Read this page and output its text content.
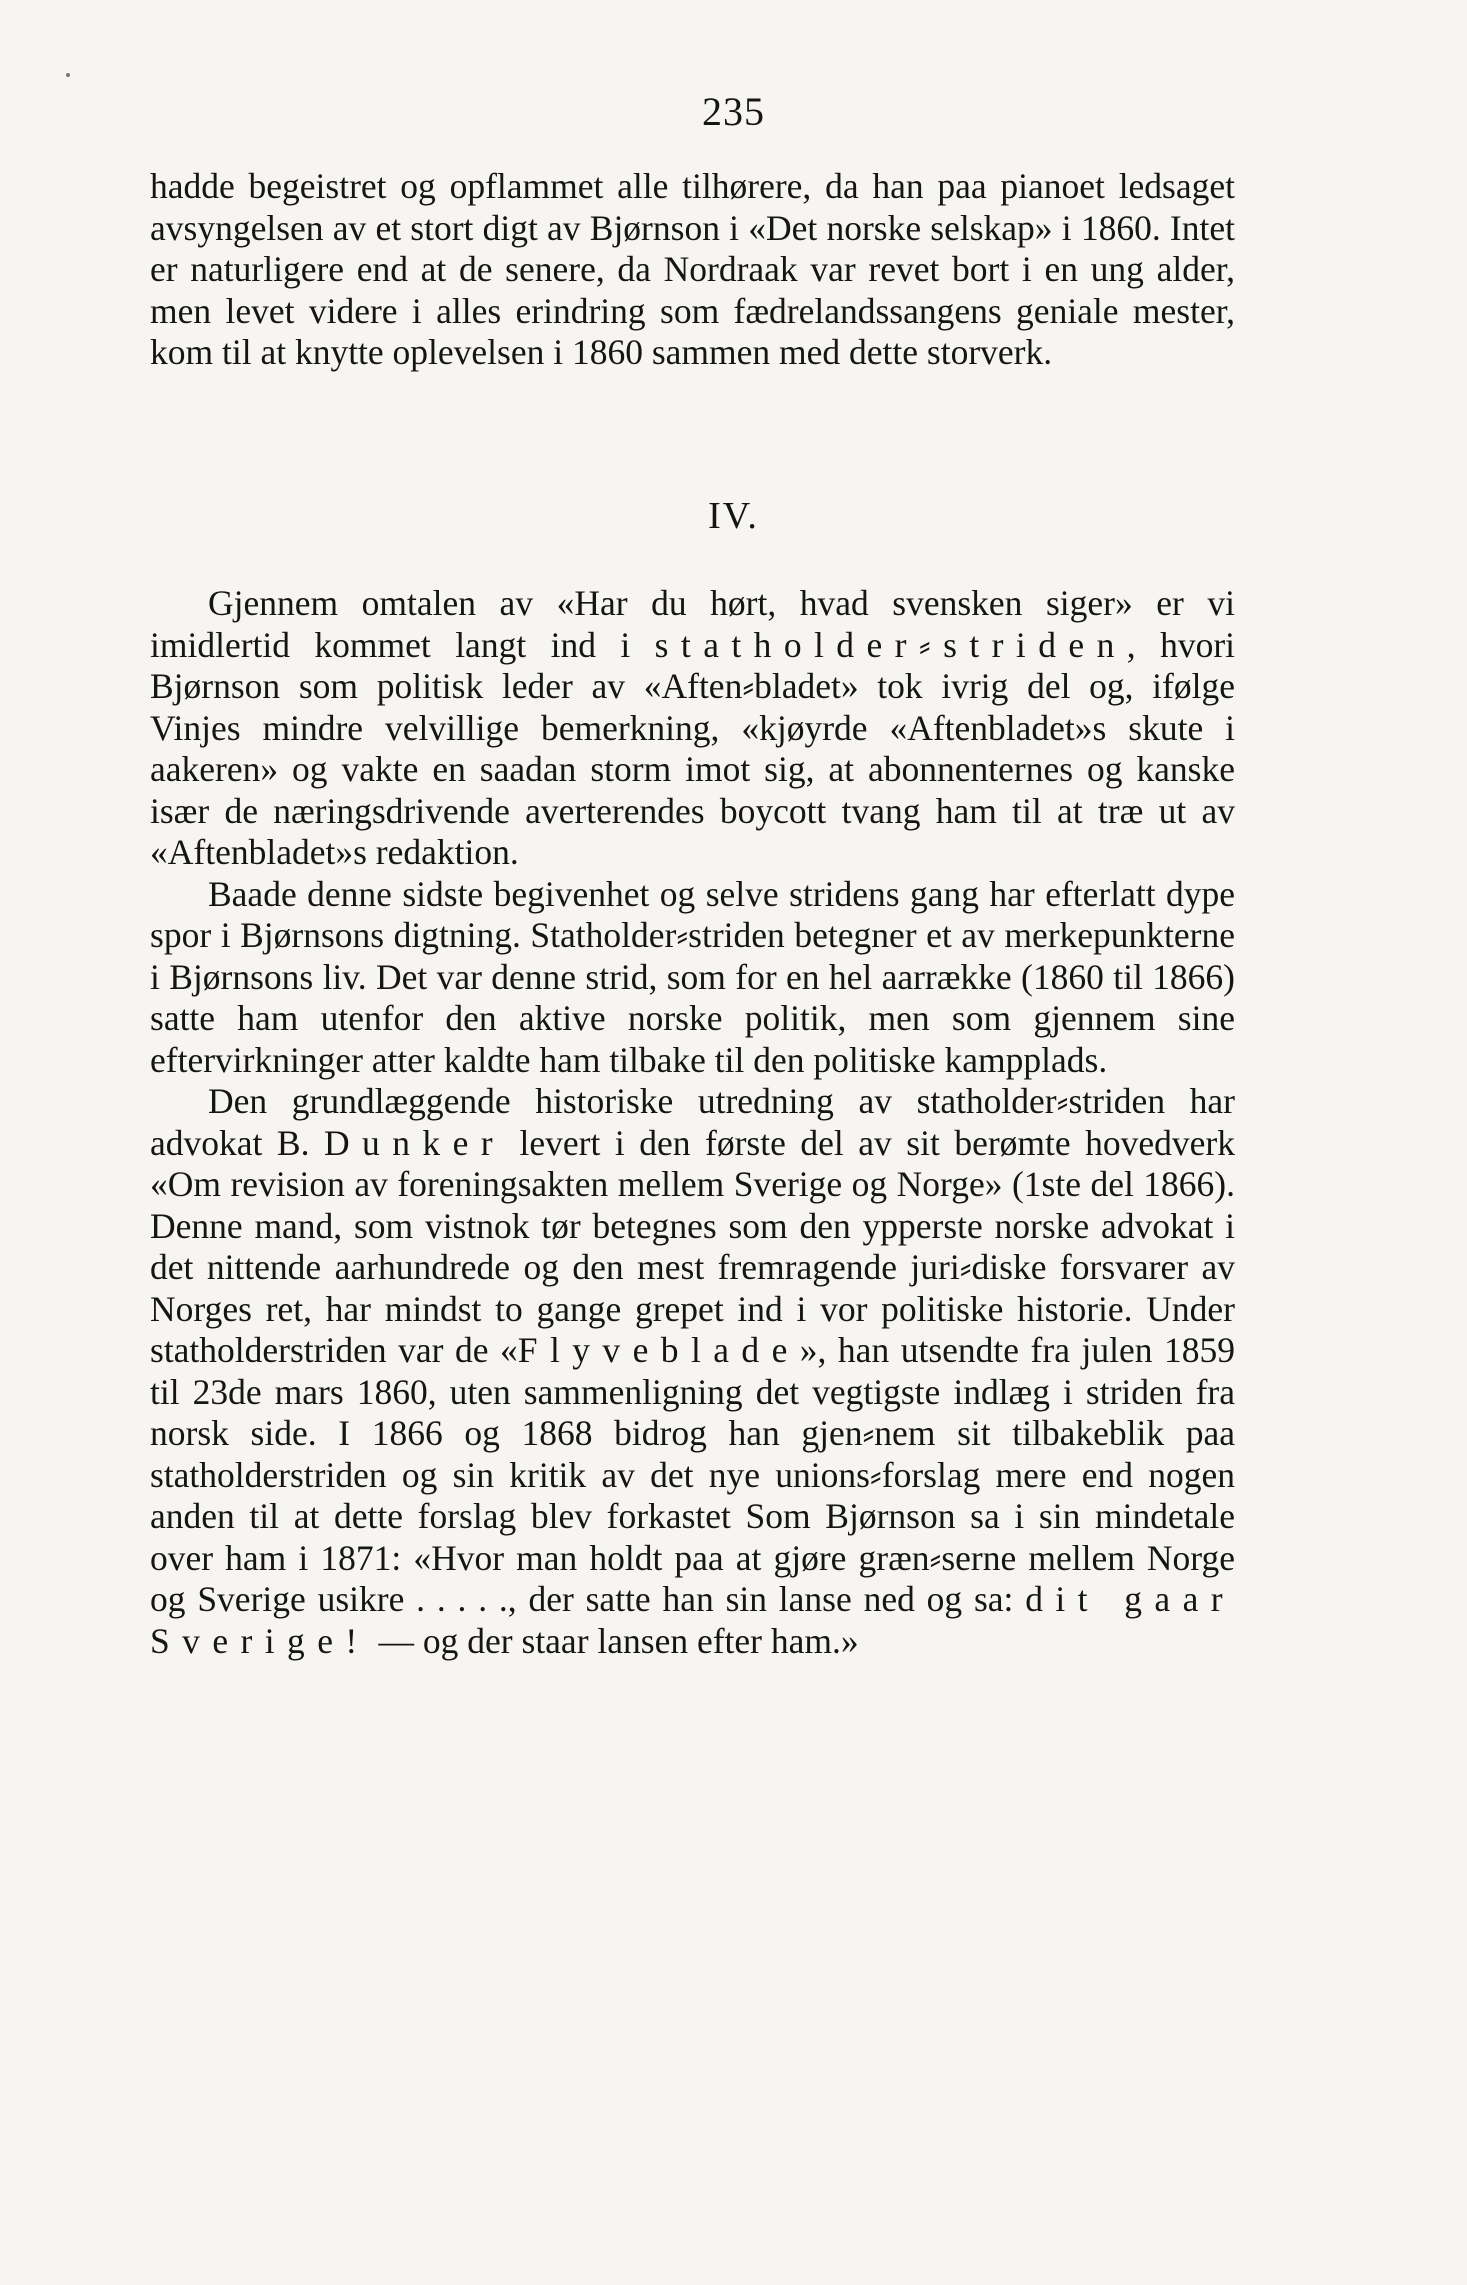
235

hadde begeistret og opflammet alle tilhørere, da han paa pianoet ledsaget avsyngelsen av et stort digt av Bjørnson i «Det norske selskap» i 1860. Intet er naturligere end at de senere, da Nordraak var revet bort i en ung alder, men levet videre i alles erindring som fædrelandssangens geniale mester, kom til at knytte oplevelsen i 1860 sammen med dette storverk.

IV.

Gjennem omtalen av «Har du hørt, hvad svensken siger» er vi imidlertid kommet langt ind i statholder⸗striden, hvori Bjørnson som politisk leder av «Aften⸗bladet» tok ivrig del og, ifølge Vinjes mindre velvillige bemerkning, «kjøyrde «Aftenbladet»s skute i aakeren» og vakte en saadan storm imot sig, at abonnenternes og kanske især de næringsdrivende averterendes boycott tvang ham til at træ ut av «Aftenbladet»s redaktion.

Baade denne sidste begivenhet og selve stridens gang har efterlatt dype spor i Bjørnsons digtning. Statholder⸗striden betegner et av merkepunkterne i Bjørnsons liv. Det var denne strid, som for en hel aarrække (1860 til 1866) satte ham utenfor den aktive norske politik, men som gjennem sine eftervirkninger atter kaldte ham tilbake til den politiske kampplads.

Den grundlæggende historiske utredning av statholder⸗striden har advokat B. Dunker levert i den første del av sit berømte hovedverk «Om revision av foreningsakten mellem Sverige og Norge» (1ste del 1866). Denne mand, som vistnok tør betegnes som den ypperste norske advokat i det nittende aarhundrede og den mest fremragende juri⸗diske forsvarer av Norges ret, har mindst to gange grepet ind i vor politiske historie. Under statholderstriden var de «Flyveblade», han utsendte fra julen 1859 til 23de mars 1860, uten sammenligning det vegtigste indlæg i striden fra norsk side. I 1866 og 1868 bidrog han gjen⸗nem sit tilbakeblik paa statholderstriden og sin kritik av det nye unions⸗forslag mere end nogen anden til at dette forslag blev forkastet Som Bjørnson sa i sin mindetale over ham i 1871: «Hvor man holdt paa at gjøre græn⸗serne mellem Norge og Sverige usikre . . . . ., der satte han sin lanse ned og sa: dit gaar Sverige! — og der staar lansen efter ham.»
